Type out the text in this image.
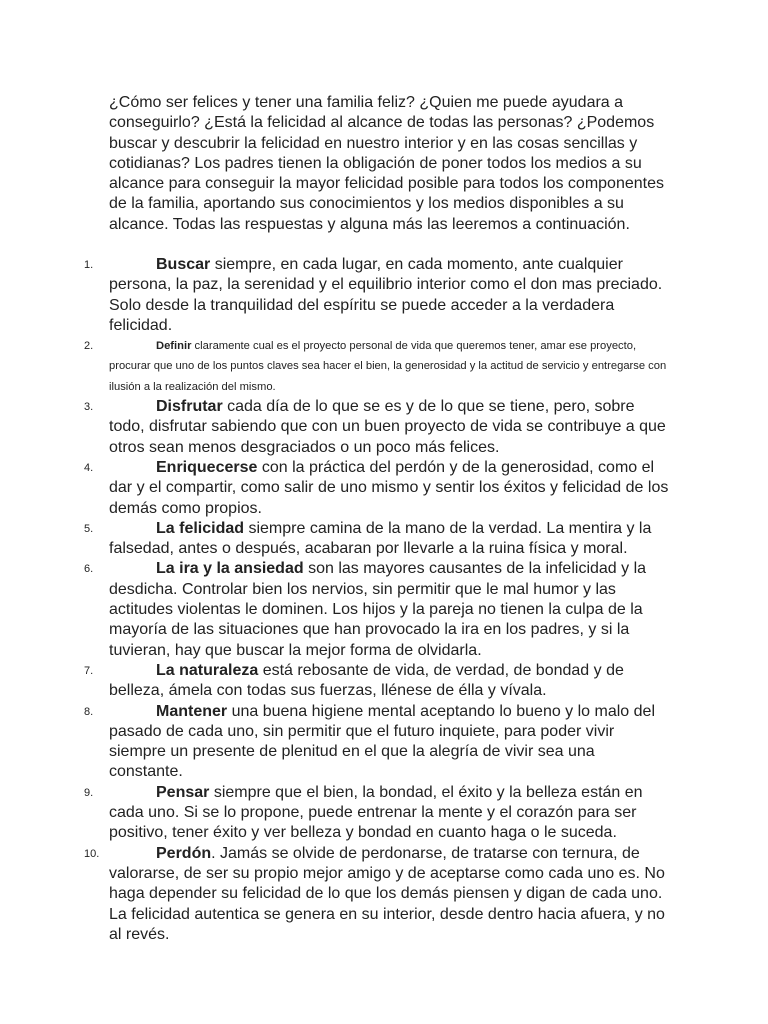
¿Cómo ser felices y tener una familia feliz? ¿Quien me puede ayudara a conseguirlo? ¿Está la felicidad al alcance de todas las personas? ¿Podemos buscar y descubrir la felicidad en nuestro interior y en las cosas sencillas y cotidianas? Los padres tienen la obligación de poner todos los medios a su alcance para conseguir la mayor felicidad posible para todos los componentes de la familia, aportando sus conocimientos y los medios disponibles a su alcance. Todas las respuestas y alguna más las leeremos a continuación.
1.	Buscar siempre, en cada lugar, en cada momento, ante cualquier persona, la paz, la serenidad y el equilibrio interior como el don mas preciado. Solo desde la tranquilidad del espíritu se puede acceder a la verdadera felicidad.
2.	Definir claramente cual es el proyecto personal de vida que queremos tener, amar ese proyecto, procurar que uno de los puntos claves sea hacer el bien, la generosidad y la actitud de servicio y entregarse con ilusión a la realización del mismo.
3.	Disfrutar cada día de lo que se es y de lo que se tiene, pero, sobre todo, disfrutar sabiendo que con un buen proyecto de vida se contribuye a que otros sean menos desgraciados o un poco más felices.
4.	Enriquecerse con la práctica del perdón y de la generosidad, como el dar y el compartir, como salir de uno mismo y sentir los éxitos y felicidad de los demás como propios.
5.	La felicidad siempre camina de la mano de la verdad. La mentira y la falsedad, antes o después, acabaran por llevarle a la ruina física y moral.
6.	La ira y la ansiedad son las mayores causantes de la infelicidad y la desdicha. Controlar bien los nervios, sin permitir que le mal humor y las actitudes violentas le dominen. Los hijos y la pareja no tienen la culpa de la mayoría de las situaciones que han provocado la ira en los padres, y si la tuvieran, hay que buscar la mejor forma de olvidarla.
7.	La naturaleza está rebosante de vida, de verdad, de bondad y de belleza, ámela con todas sus fuerzas, llénese de élla y vívala.
8.	Mantener una buena higiene mental aceptando lo bueno y lo malo del pasado de cada uno, sin permitir que el futuro inquiete, para poder vivir siempre un presente de plenitud en el que la alegría de vivir sea una constante.
9.	Pensar siempre que el bien, la bondad, el éxito y la belleza están en cada uno. Si se lo propone, puede entrenar la mente y el corazón para ser positivo, tener éxito y ver belleza y bondad en cuanto haga o le suceda.
10.	Perdón. Jamás se olvide de perdonarse, de tratarse con ternura, de valorarse, de ser su propio mejor amigo y de aceptarse como cada uno es. No haga depender su felicidad de lo que los demás piensen y digan de cada uno. La felicidad autentica se genera en su interior, desde dentro hacia afuera, y no al revés.
